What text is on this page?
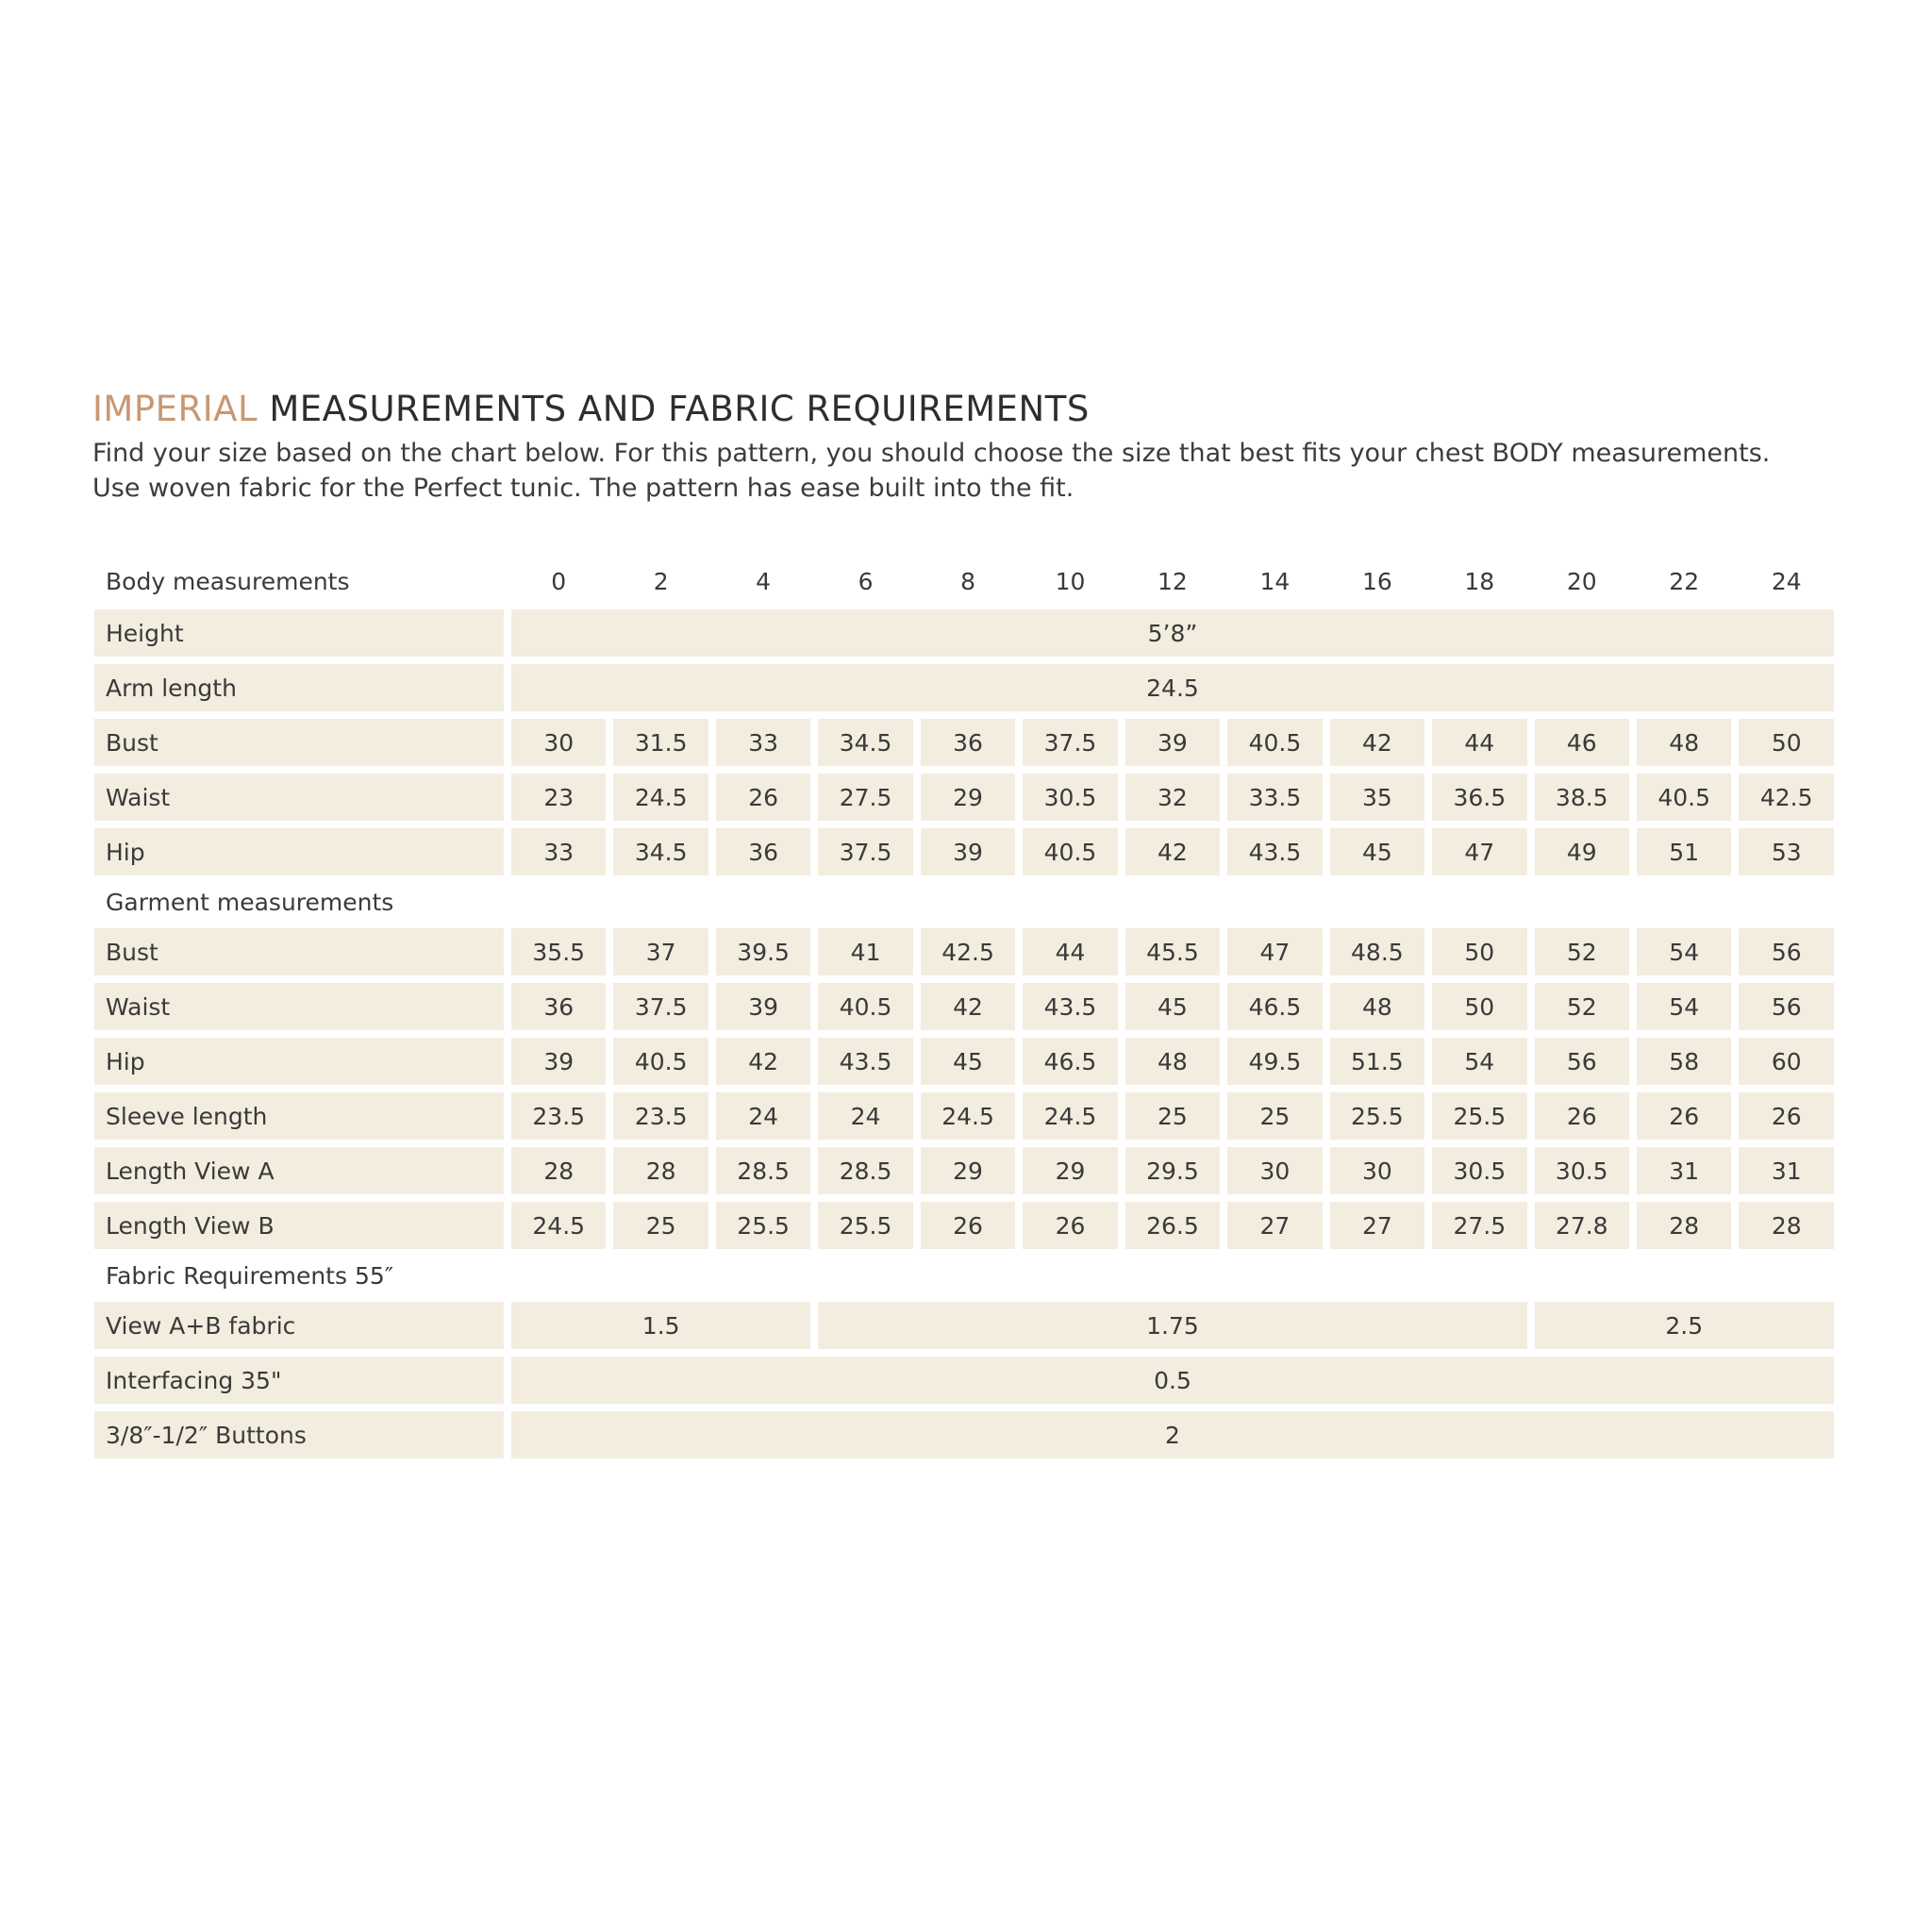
IMPERIAL MEASUREMENTS AND FABRIC REQUIREMENTS

Find your size based on the chart below. For this pattern, you should choose the size that best fits your chest BODY measurements.
Use woven fabric for the Perfect tunic. The pattern has ease built into the fit.

Body measurements	0	2	4	6	8	10	12	14	16	18	20	22	24
Height	5’8”												
Arm length	24.5												
Bust	30	31.5	33	34.5	36	37.5	39	40.5	42	44	46	48	50
Waist	23	24.5	26	27.5	29	30.5	32	33.5	35	36.5	38.5	40.5	42.5
Hip	33	34.5	36	37.5	39	40.5	42	43.5	45	47	49	51	53
Garment measurements													
Bust	35.5	37	39.5	41	42.5	44	45.5	47	48.5	50	52	54	56
Waist	36	37.5	39	40.5	42	43.5	45	46.5	48	50	52	54	56
Hip	39	40.5	42	43.5	45	46.5	48	49.5	51.5	54	56	58	60
Sleeve length	23.5	23.5	24	24	24.5	24.5	25	25	25.5	25.5	26	26	26
Length View A	28	28	28.5	28.5	29	29	29.5	30	30	30.5	30.5	31	31
Length View B	24.5	25	25.5	25.5	26	26	26.5	27	27	27.5	27.8	28	28
Fabric Requirements 55″													
View A+B fabric	1.5			1.75							2.5		
Interfacing 35"	0.5												
3/8″-1/2″ Buttons	2												
